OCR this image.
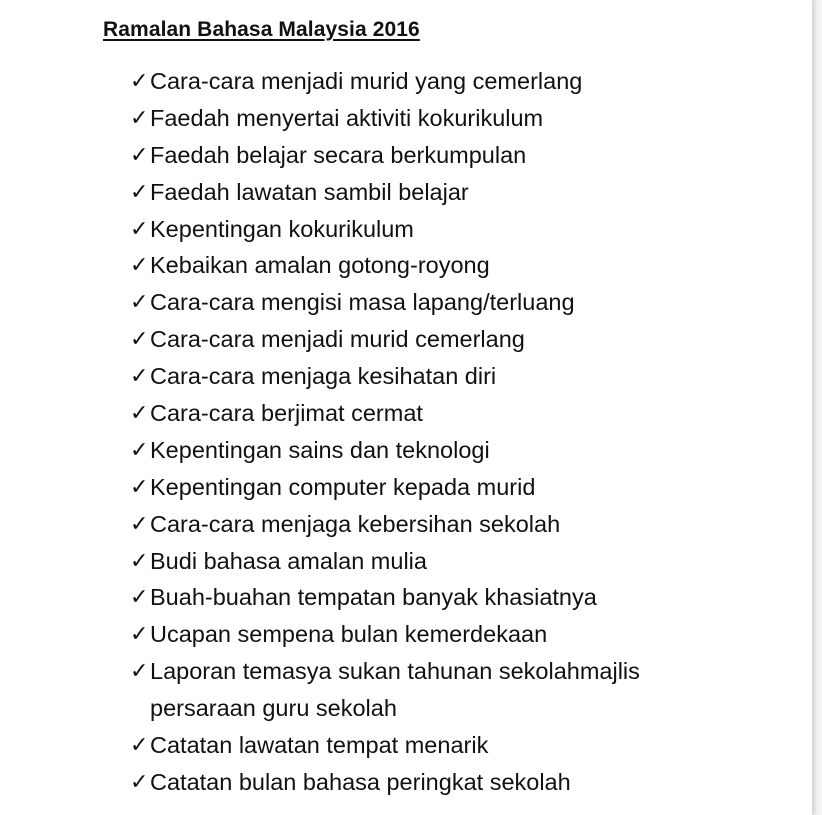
Ramalan Bahasa Malaysia 2016
✓ Cara-cara menjadi murid yang cemerlang
✓ Faedah menyertai aktiviti kokurikulum
✓ Faedah belajar secara berkumpulan
✓ Faedah lawatan sambil belajar
✓ Kepentingan kokurikulum
✓ Kebaikan amalan gotong-royong
✓ Cara-cara mengisi masa lapang/terluang
✓ Cara-cara menjadi murid cemerlang
✓ Cara-cara menjaga kesihatan diri
✓ Cara-cara berjimat cermat
✓ Kepentingan sains dan teknologi
✓ Kepentingan computer kepada murid
✓ Cara-cara menjaga kebersihan sekolah
✓ Budi bahasa amalan mulia
✓ Buah-buahan tempatan banyak khasiatnya
✓ Ucapan sempena bulan kemerdekaan
✓ Laporan temasya sukan tahunan sekolahmajlis
persaraan guru sekolah
✓ Catatan lawatan tempat menarik
✓ Catatan bulan bahasa peringkat sekolah
